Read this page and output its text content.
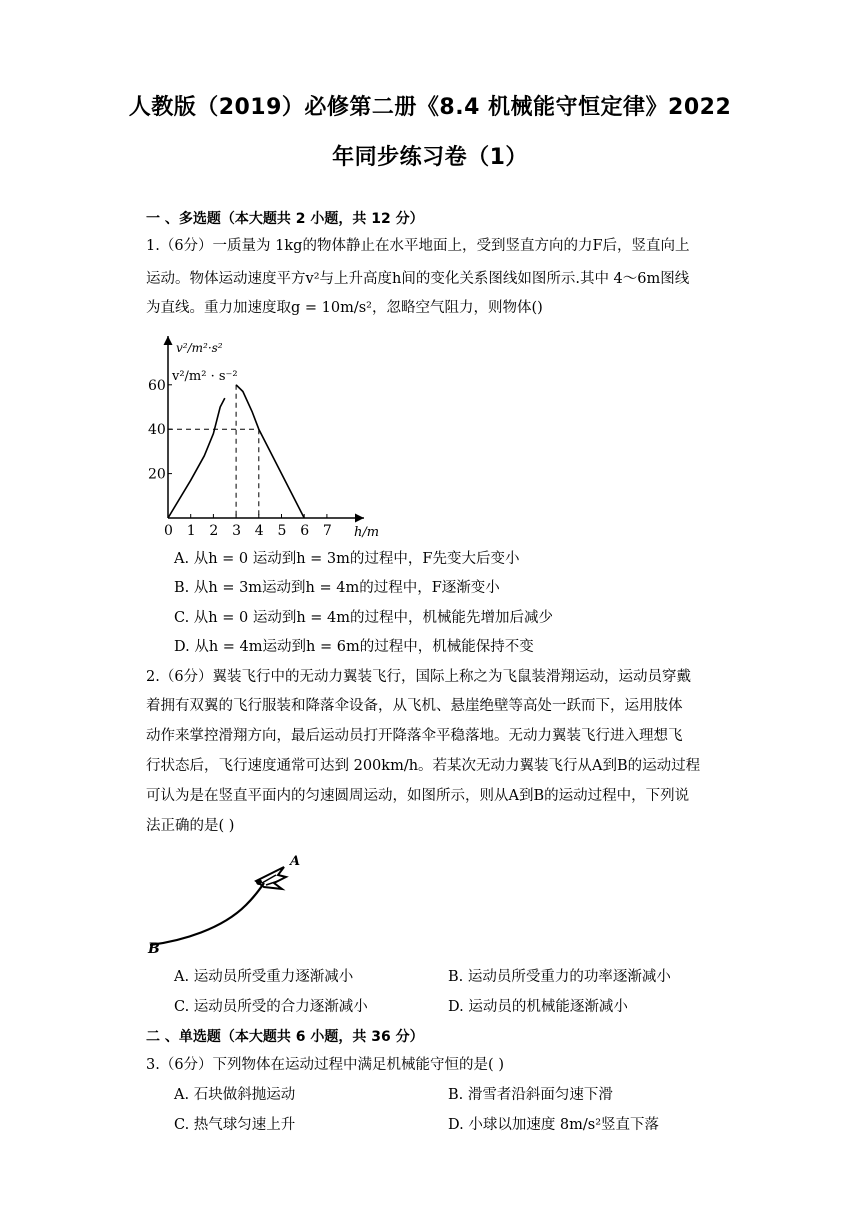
人教版（2019）必修第二册《8.4 机械能守恒定律》2022
年同步练习卷（1）
一 、多选题（本大题共 2 小题，共 12 分）
1.（6分）一质量为 1kg的物体静止在水平地面上，受到竖直方向的力F后，竖直向上
运动。物体运动速度平方v²与上升高度h间的变化关系图线如图所示.其中 4～6m图线
为直线。重力加速度取g = 10m/s²，忽略空气阻力，则物体()
v²/m²·s²
v²/m² · s⁻²
h/m
0 1 2 3 4 5 6 7
20
40
60
A. 从h = 0 运动到h = 3m的过程中，F先变大后变小
B. 从h = 3m运动到h = 4m的过程中，F逐渐变小
C. 从h = 0 运动到h = 4m的过程中，机械能先增加后减少
D. 从h = 4m运动到h = 6m的过程中，机械能保持不变
2.（6分）翼装飞行中的无动力翼装飞行，国际上称之为飞鼠装滑翔运动，运动员穿戴
着拥有双翼的飞行服装和降落伞设备，从飞机、悬崖绝壁等高处一跃而下，运用肢体
动作来掌控滑翔方向，最后运动员打开降落伞平稳落地。无动力翼装飞行进入理想飞
行状态后，飞行速度通常可达到 200km/h。若某次无动力翼装飞行从A到B的运动过程
可认为是在竖直平面内的匀速圆周运动，如图所示，则从A到B的运动过程中，下列说
法正确的是( )
A
B
A. 运动员所受重力逐渐减小	B. 运动员所受重力的功率逐渐减小
C. 运动员所受的合力逐渐减小	D. 运动员的机械能逐渐减小
二 、单选题（本大题共 6 小题，共 36 分）
3.（6分）下列物体在运动过程中满足机械能守恒的是( )
A. 石块做斜抛运动	B. 滑雪者沿斜面匀速下滑
C. 热气球匀速上升	D. 小球以加速度 8m/s²竖直下落
